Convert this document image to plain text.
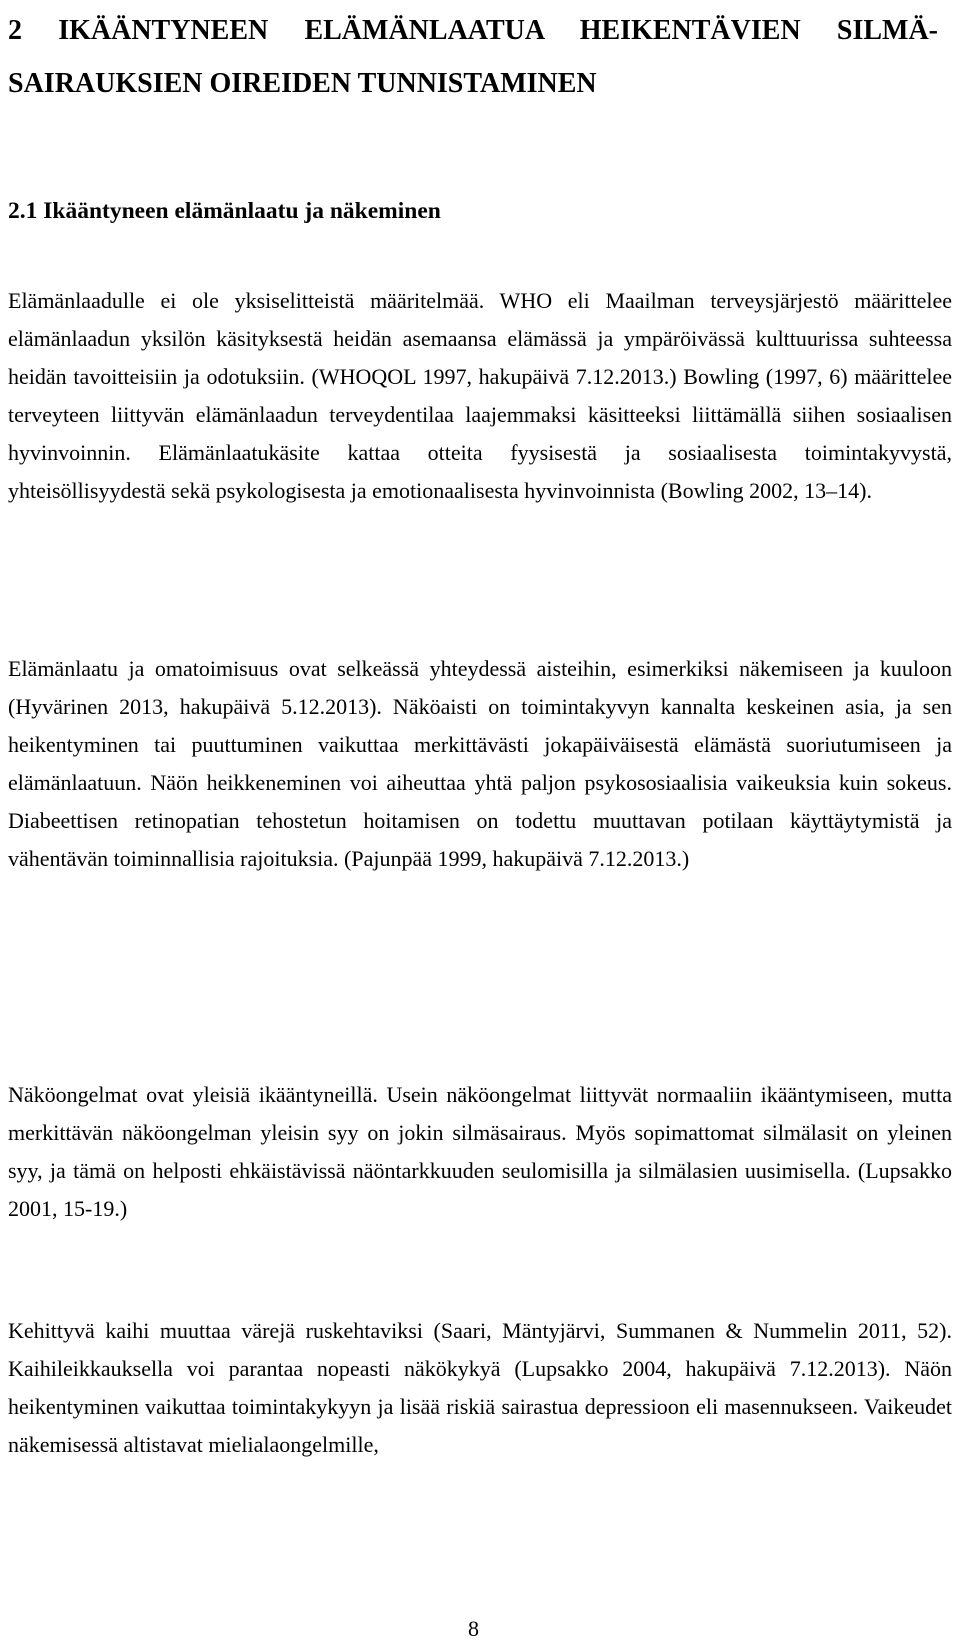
2 IKÄÄNTYNEEN ELÄMÄNLAATUA HEIKENTÄVIEN SILMÄSAIRAUKSIEN OIREIDEN TUNNISTAMINEN
2.1 Ikääntyneen elämänlaatu ja näkeminen

Elämänlaadulle ei ole yksiselitteistä määritelmää. WHO eli Maailman terveysjärjestö määrittelee elämänlaadun yksilön käsityksestä heidän asemaansa elämässä ja ympäröivässä kulttuurissa suhteessa heidän tavoitteisiin ja odotuksiin. (WHOQOL 1997, hakupäivä 7.12.2013.) Bowling (1997, 6) määrittelee terveyteen liittyvän elämänlaadun terveydentilaa laajemmaksi käsitteeksi liittämällä siihen sosiaalisen hyvinvoinnin. Elämänlaatukäsite kattaa otteita fyysisestä ja sosiaalisesta toimintakyvystä, yhteisöllisyydestä sekä psykologisesta ja emotionaalisesta hyvinvoinnista (Bowling 2002, 13‒14).

Elämänlaatu ja omatoimisuus ovat selkeässä yhteydessä aisteihin, esimerkiksi näkemiseen ja kuuloon (Hyvärinen 2013, hakupäivä 5.12.2013). Näköaisti on toimintakyvyn kannalta keskeinen asia, ja sen heikentyminen tai puuttuminen vaikuttaa merkittävästi jokapäiväisestä elämästä suoriutumiseen ja elämänlaatuun. Näön heikkeneminen voi aiheuttaa yhtä paljon psykososiaalisia vaikeuksia kuin sokeus. Diabeettisen retinopatian tehostetun hoitamisen on todettu muuttavan potilaan käyttäytymistä ja vähentävän toiminnallisia rajoituksia. (Pajunpää 1999, hakupäivä 7.12.2013.)

Näköongelmat ovat yleisiä ikääntyneillä. Usein näköongelmat liittyvät normaaliin ikääntymiseen, mutta merkittävän näköongelman yleisin syy on jokin silmäsairaus. Myös sopimattomat silmälasit on yleinen syy, ja tämä on helposti ehkäistävissä näöntarkkuuden seulomisilla ja silmälasien uusimisella. (Lupsakko 2001, 15-19.)

Kehittyvä kaihi muuttaa värejä ruskehtaviksi (Saari, Mäntyjärvi, Summanen & Nummelin 2011, 52). Kaihileikkauksella voi parantaa nopeasti näkökykyä (Lupsakko 2004, hakupäivä 7.12.2013). Näön heikentyminen vaikuttaa toimintakykyyn ja lisää riskiä sairastua depressioon eli masennukseen. Vaikeudet näkemisessä altistavat mielialaongelmille,

8
